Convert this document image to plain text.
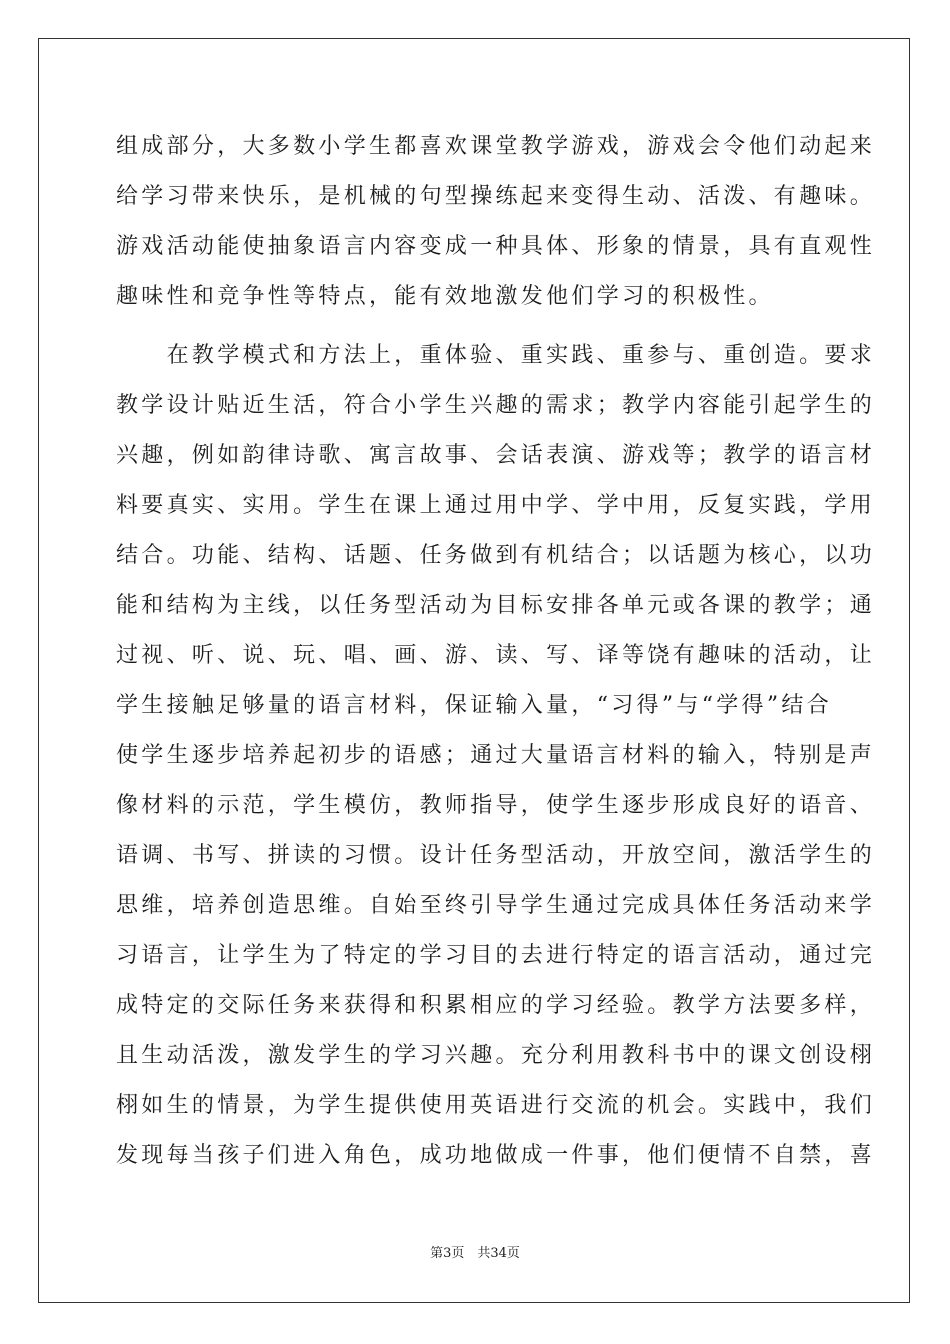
组成部分，大多数小学生都喜欢课堂教学游戏，游戏会令他们动起来
给学习带来快乐，是机械的句型操练起来变得生动、活泼、有趣味。
游戏活动能使抽象语言内容变成一种具体、形象的情景，具有直观性
趣味性和竞争性等特点，能有效地激发他们学习的积极性。
　　在教学模式和方法上，重体验、重实践、重参与、重创造。要求
教学设计贴近生活，符合小学生兴趣的需求；教学内容能引起学生的
兴趣，例如韵律诗歌、寓言故事、会话表演、游戏等；教学的语言材
料要真实、实用。学生在课上通过用中学、学中用，反复实践，学用
结合。功能、结构、话题、任务做到有机结合；以话题为核心，以功
能和结构为主线，以任务型活动为目标安排各单元或各课的教学；通
过视、听、说、玩、唱、画、游、读、写、译等饶有趣味的活动，让
学生接触足够量的语言材料，保证输入量，“习得”与“学得”结合
使学生逐步培养起初步的语感；通过大量语言材料的输入，特别是声
像材料的示范，学生模仿，教师指导，使学生逐步形成良好的语音、
语调、书写、拼读的习惯。设计任务型活动，开放空间，激活学生的
思维，培养创造思维。自始至终引导学生通过完成具体任务活动来学
习语言，让学生为了特定的学习目的去进行特定的语言活动，通过完
成特定的交际任务来获得和积累相应的学习经验。教学方法要多样，
且生动活泼，激发学生的学习兴趣。充分利用教科书中的课文创设栩
栩如生的情景，为学生提供使用英语进行交流的机会。实践中，我们
发现每当孩子们进入角色，成功地做成一件事，他们便情不自禁，喜
第3页　 共34页
